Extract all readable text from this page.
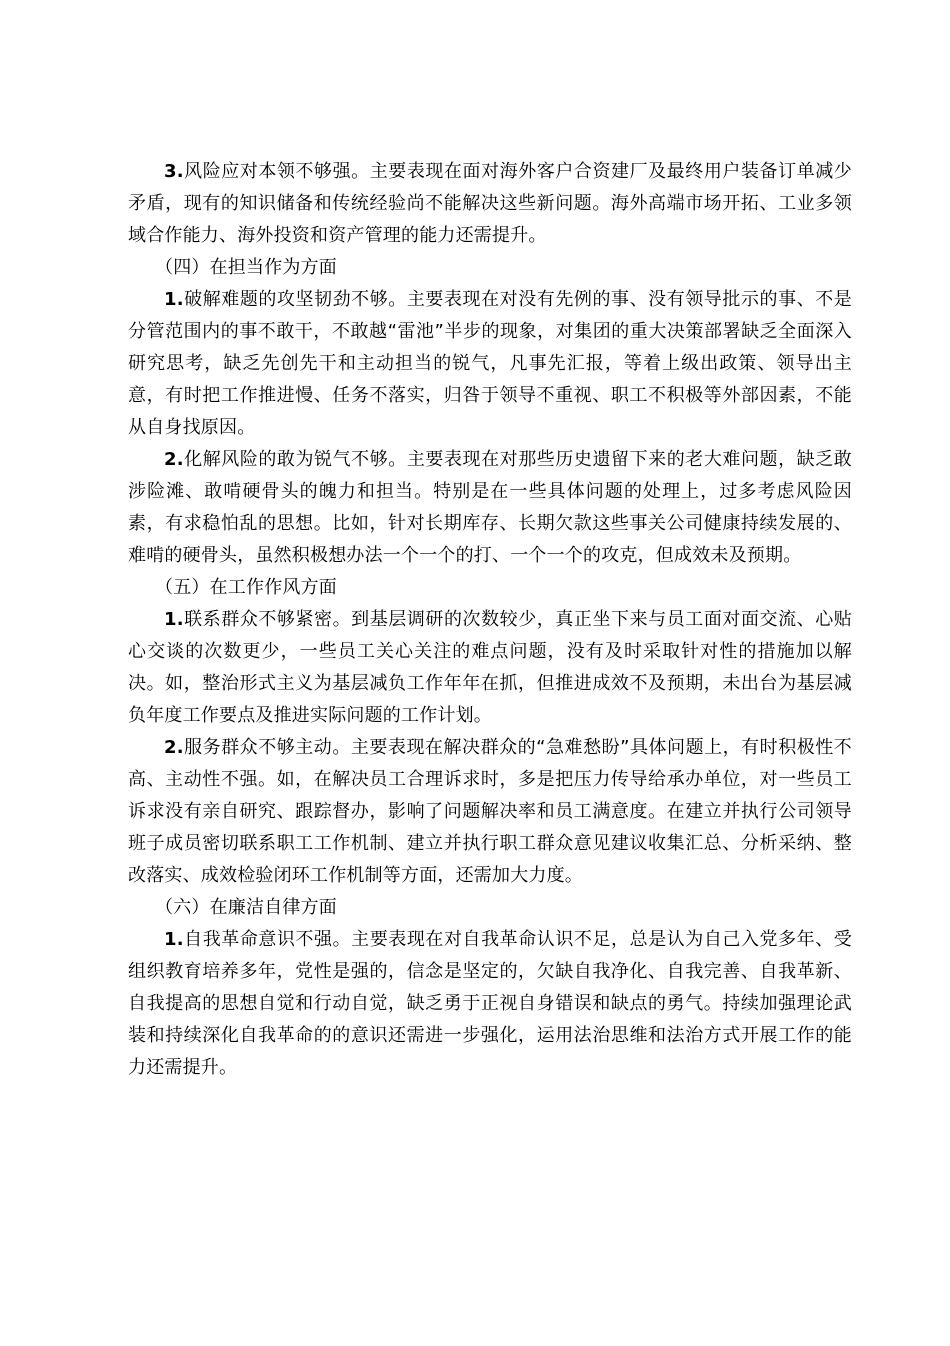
3.风险应对本领不够强。主要表现在面对海外客户合资建厂及最终用户装备订单减少矛盾，现有的知识储备和传统经验尚不能解决这些新问题。海外高端市场开拓、工业多领域合作能力、海外投资和资产管理的能力还需提升。

（四）在担当作为方面

1.破解难题的攻坚韧劲不够。主要表现在对没有先例的事、没有领导批示的事、不是分管范围内的事不敢干，不敢越“雷池”半步的现象，对集团的重大决策部署缺乏全面深入研究思考，缺乏先创先干和主动担当的锐气，凡事先汇报，等着上级出政策、领导出主意，有时把工作推进慢、任务不落实，归咎于领导不重视、职工不积极等外部因素，不能从自身找原因。

2.化解风险的敢为锐气不够。主要表现在对那些历史遗留下来的老大难问题，缺乏敢涉险滩、敢啃硬骨头的魄力和担当。特别是在一些具体问题的处理上，过多考虑风险因素，有求稳怕乱的思想。比如，针对长期库存、长期欠款这些事关公司健康持续发展的、难啃的硬骨头，虽然积极想办法一个一个的打、一个一个的攻克，但成效未及预期。

（五）在工作作风方面

1.联系群众不够紧密。到基层调研的次数较少，真正坐下来与员工面对面交流、心贴心交谈的次数更少，一些员工关心关注的难点问题，没有及时采取针对性的措施加以解决。如，整治形式主义为基层减负工作年年在抓，但推进成效不及预期，未出台为基层减负年度工作要点及推进实际问题的工作计划。

2.服务群众不够主动。主要表现在解决群众的“急难愁盼”具体问题上，有时积极性不高、主动性不强。如，在解决员工合理诉求时，多是把压力传导给承办单位，对一些员工诉求没有亲自研究、跟踪督办，影响了问题解决率和员工满意度。在建立并执行公司领导班子成员密切联系职工工作机制、建立并执行职工群众意见建议收集汇总、分析采纳、整改落实、成效检验闭环工作机制等方面，还需加大力度。

（六）在廉洁自律方面

1.自我革命意识不强。主要表现在对自我革命认识不足，总是认为自己入党多年、受组织教育培养多年，党性是强的，信念是坚定的，欠缺自我净化、自我完善、自我革新、自我提高的思想自觉和行动自觉，缺乏勇于正视自身错误和缺点的勇气。持续加强理论武装和持续深化自我革命的的意识还需进一步强化，运用法治思维和法治方式开展工作的能力还需提升。
